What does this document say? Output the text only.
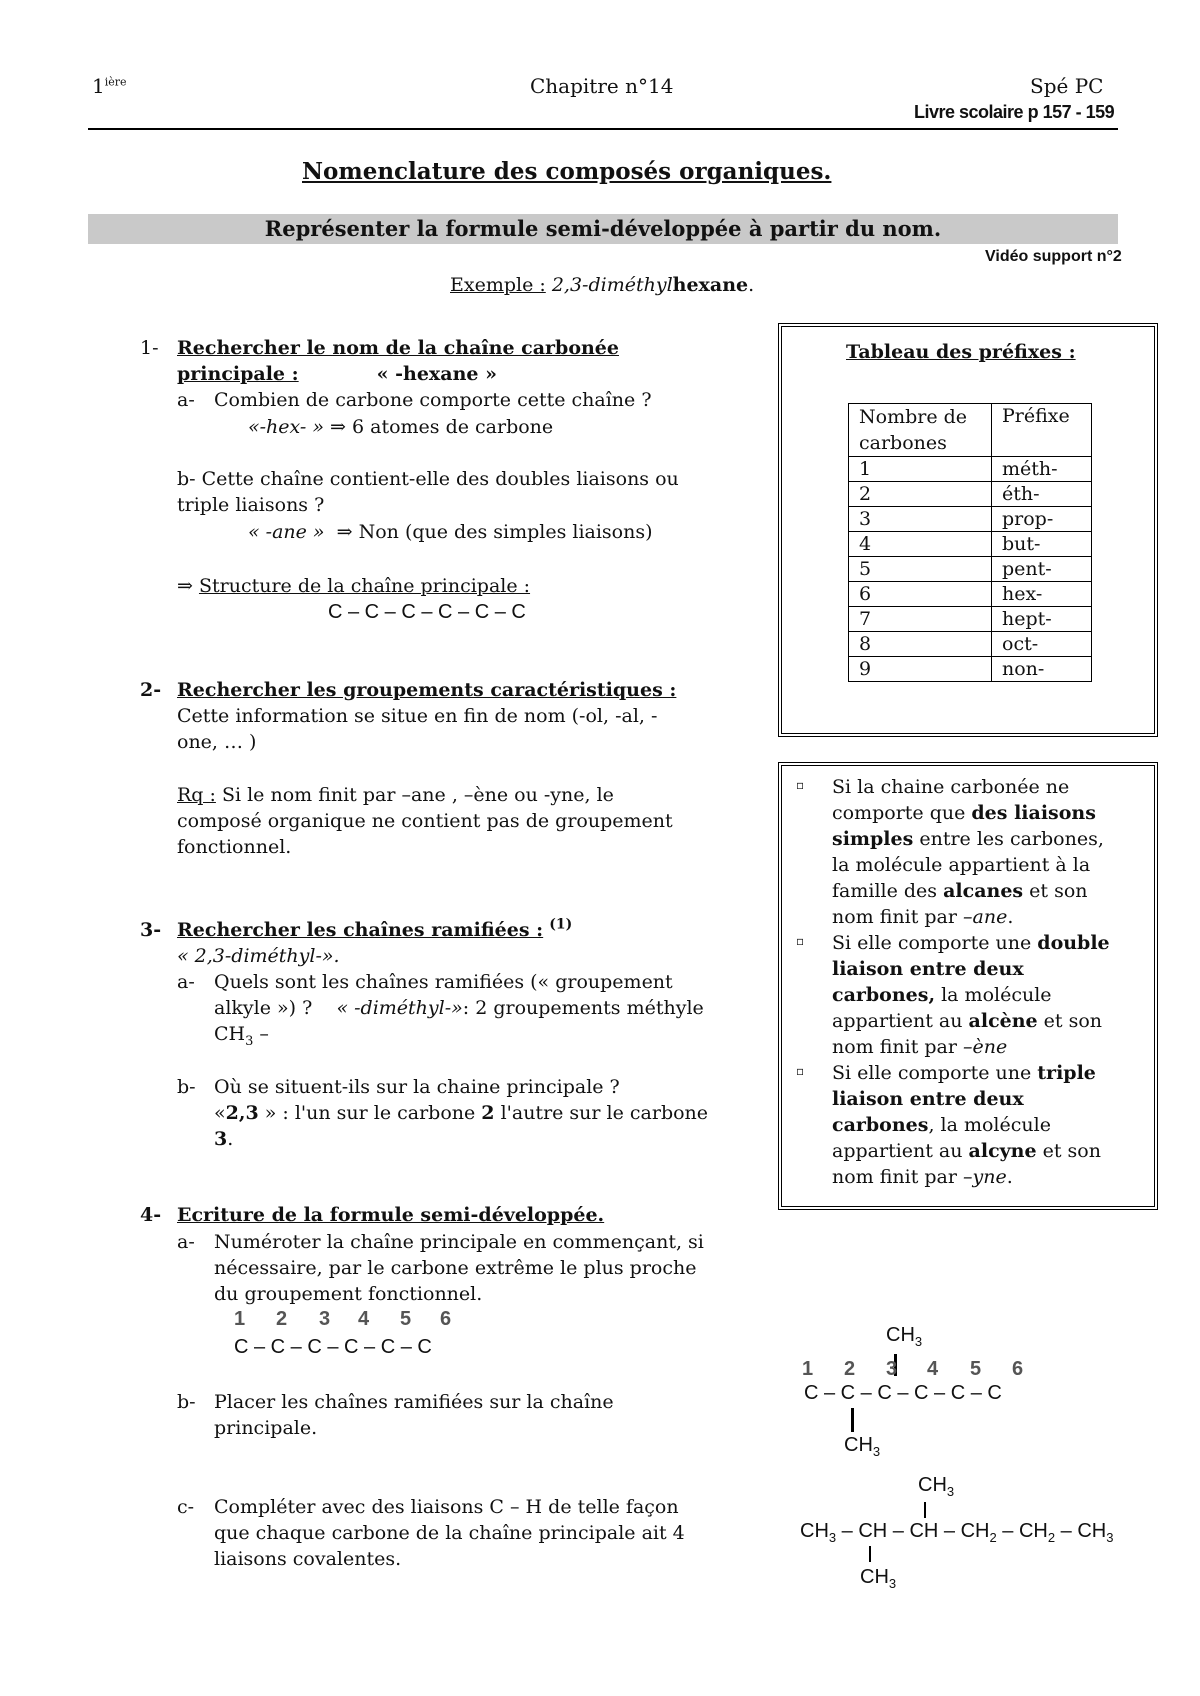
$1^{ière}$	Chapitre n°14	Spé PC
Livre scolaire p 157 - 159
Nomenclature des composés organiques.
Représenter la formule semi-développée à partir du nom.
Vidéo support n°2
Exemple : 2,3-diméthylhexane.
1- Rechercher le nom de la chaîne carbonée
principale :	« -hexane »
a- Combien de carbone comporte cette chaîne ?
«-hex- » ⇒ 6 atomes de carbone
b- Cette chaîne contient-elle des doubles liaisons ou
triple liaisons ?
« -ane » ⇒ Non (que des simples liaisons)
⇒ Structure de la chaîne principale :
C – C – C – C – C – C
2- Rechercher les groupements caractéristiques :
Cette information se situe en fin de nom (-ol, -al, -
one, … )
Rq : Si le nom finit par –ane , –ène ou -yne, le
composé organique ne contient pas de groupement
fonctionnel.
3- Rechercher les chaînes ramifiées : $^{(1)}$
« 2,3-diméthyl-».
a- Quels sont les chaînes ramifiées (« groupement
alkyle ») ? « -diméthyl-»: 2 groupements méthyle
$CH_3$ –
b- Où se situent-ils sur la chaine principale ?
«2,3 » : l'un sur le carbone 2 l'autre sur le carbone
3.
4- Ecriture de la formule semi-développée.
a- Numéroter la chaîne principale en commençant, si
nécessaire, par le carbone extrême le plus proche
du groupement fonctionnel.
1 2 3 4 5 6
C – C – C – C – C – C
b- Placer les chaînes ramifiées sur la chaîne
principale.
c- Compléter avec des liaisons C – H de telle façon
que chaque carbone de la chaîne principale ait 4
liaisons covalentes.
Tableau des préfixes :
Nombre de
carbones	Préfixe
1	méth-
2	éth-
3	prop-
4	but-
5	pent-
6	hex-
7	hept-
8	oct-
9	non-
▫ Si la chaine carbonée ne
comporte que des liaisons
simples entre les carbones,
la molécule appartient à la
famille des alcanes et son
nom finit par –ane.
▫ Si elle comporte une double
liaison entre deux
carbones, la molécule
appartient au alcène et son
nom finit par –ène
▫ Si elle comporte une triple
liaison entre deux
carbones, la molécule
appartient au alcyne et son
nom finit par –yne.
$CH_3$
1 2 3 4 5 6
C – C – C – C – C – C
$CH_3$
$CH_3$
$CH_3$ – CH – CH – $CH_2 - CH_2 - CH_3$
$CH_3$
